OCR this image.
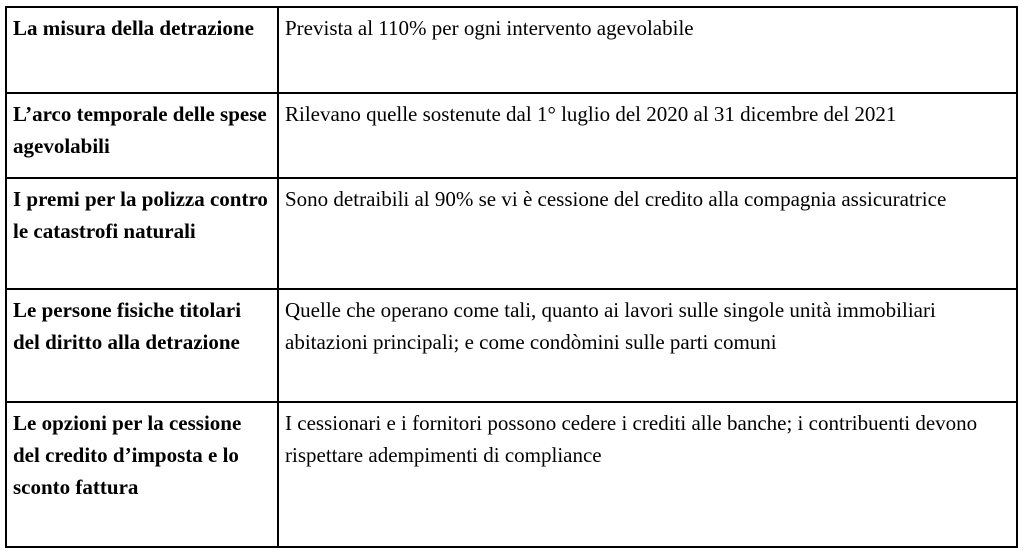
La misura della detrazione	Prevista al 110% per ogni intervento agevolabile
L’arco temporale delle spese agevolabili	Rilevano quelle sostenute dal 1° luglio del 2020 al 31 dicembre del 2021
I premi per la polizza contro le catastrofi naturali	Sono detraibili al 90% se vi è cessione del credito alla compagnia assicuratrice
Le persone fisiche titolari del diritto alla detrazione	Quelle che operano come tali, quanto ai lavori sulle singole unità immobiliari abitazioni principali; e come condòmini sulle parti comuni
Le opzioni per la cessione del credito d’imposta e lo sconto fattura	I cessionari e i fornitori possono cedere i crediti alle banche; i contribuenti devono rispettare adempimenti di compliance
